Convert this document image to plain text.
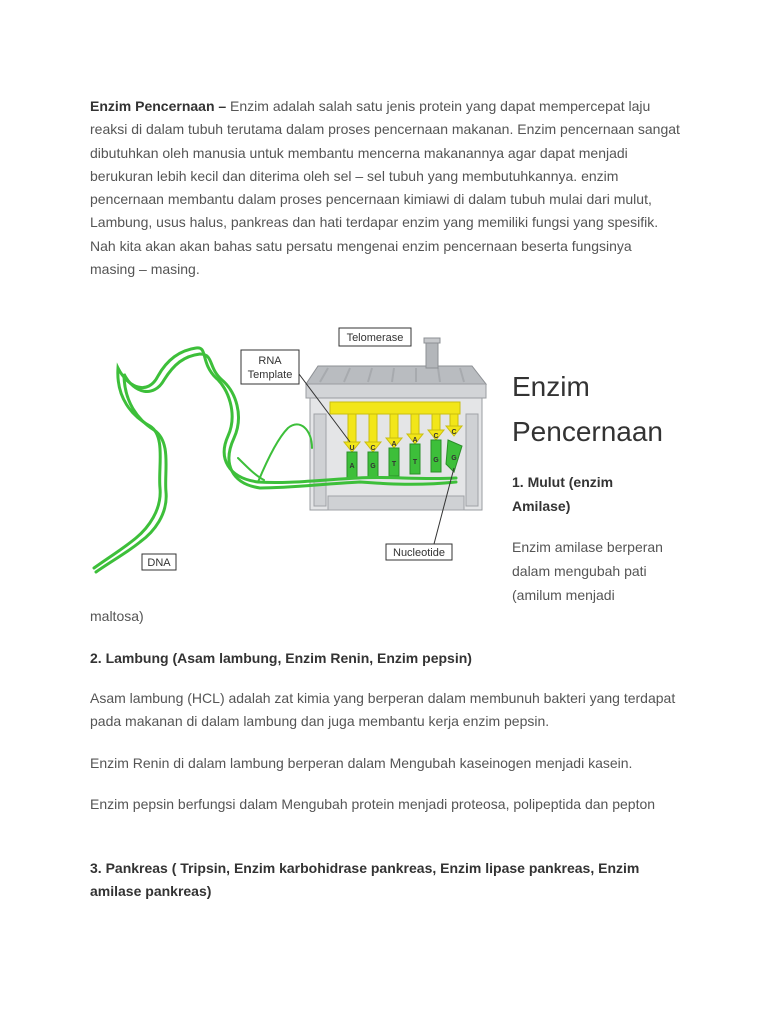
Enzim Pencernaan – Enzim adalah salah satu jenis protein yang dapat mempercepat laju reaksi di dalam tubuh terutama dalam proses pencernaan makanan. Enzim pencernaan sangat dibutuhkan oleh manusia untuk membantu mencerna makanannya agar dapat menjadi berukuran lebih kecil dan diterima oleh sel – sel tubuh yang membutuhkannya. enzim pencernaan membantu dalam proses pencernaan kimiawi di dalam tubuh mulai dari mulut, Lambung, usus halus, pankreas dan hati terdapar enzim yang memiliki fungsi yang spesifik. Nah kita akan akan bahas satu persatu mengenai enzim pencernaan beserta fungsinya masing – masing.

U C
A
A
C
C
A G T T G G
Telomerase
RNA
Template
DNA
Nucleotide
Enzim
Pencernaan

1. Mulut (enzim Amilase)

Enzim amilase berperan dalam mengubah pati (amilum menjadi

maltosa)

2. Lambung (Asam lambung, Enzim Renin, Enzim pepsin)

Asam lambung (HCL) adalah zat kimia yang berperan dalam membunuh bakteri yang terdapat pada makanan di dalam lambung dan juga membantu kerja enzim pepsin.

Enzim Renin di dalam lambung berperan dalam Mengubah kaseinogen menjadi kasein.

Enzim pepsin berfungsi dalam Mengubah protein menjadi proteosa, polipeptida dan pepton

3. Pankreas ( Tripsin, Enzim karbohidrase pankreas, Enzim lipase pankreas, Enzim amilase pankreas)
